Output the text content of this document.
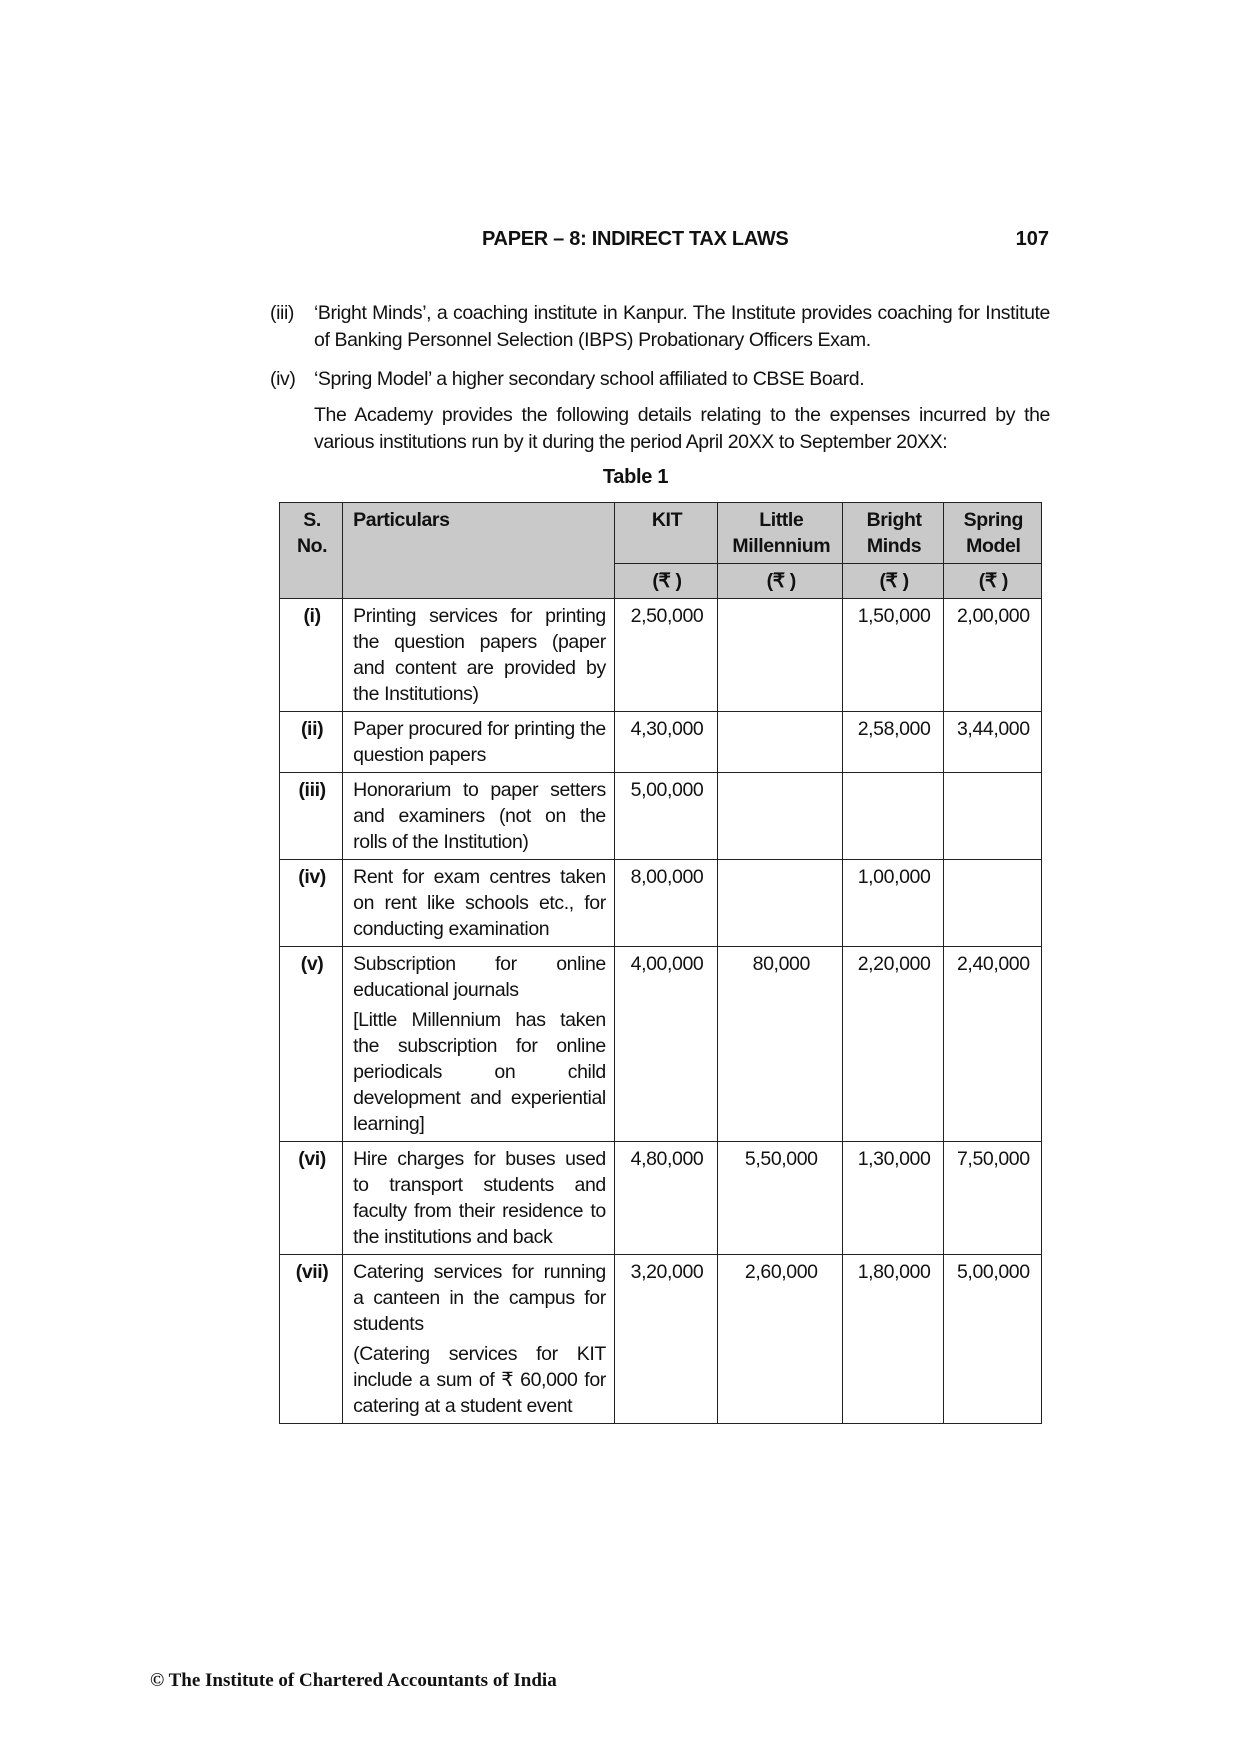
PAPER – 8: INDIRECT TAX LAWS	107
(iii) ‘Bright Minds’, a coaching institute in Kanpur. The Institute provides coaching for Institute of Banking Personnel Selection (IBPS) Probationary Officers Exam.
(iv) ‘Spring Model’ a higher secondary school affiliated to CBSE Board.
The Academy provides the following details relating to the expenses incurred by the various institutions run by it during the period April 20XX to September 20XX:
Table 1
S. No.	Particulars	KIT	Little Millennium	Bright Minds	Spring Model
		(₹ )	(₹ )	(₹ )	(₹ )
(i)	Printing services for printing the question papers (paper and content are provided by the Institutions)	2,50,000		1,50,000	2,00,000
(ii)	Paper procured for printing the question papers	4,30,000		2,58,000	3,44,000
(iii)	Honorarium to paper setters and examiners (not on the rolls of the Institution)	5,00,000			
(iv)	Rent for exam centres taken on rent like schools etc., for conducting examination	8,00,000		1,00,000	
(v)	Subscription for online educational journals
[Little Millennium has taken the subscription for online periodicals on child development and experiential learning]	4,00,000	80,000	2,20,000	2,40,000
(vi)	Hire charges for buses used to transport students and faculty from their residence to the institutions and back	4,80,000	5,50,000	1,30,000	7,50,000
(vii)	Catering services for running a canteen in the campus for students
(Catering services for KIT include a sum of ₹ 60,000 for catering at a student event	3,20,000	2,60,000	1,80,000	5,00,000
© The Institute of Chartered Accountants of India
